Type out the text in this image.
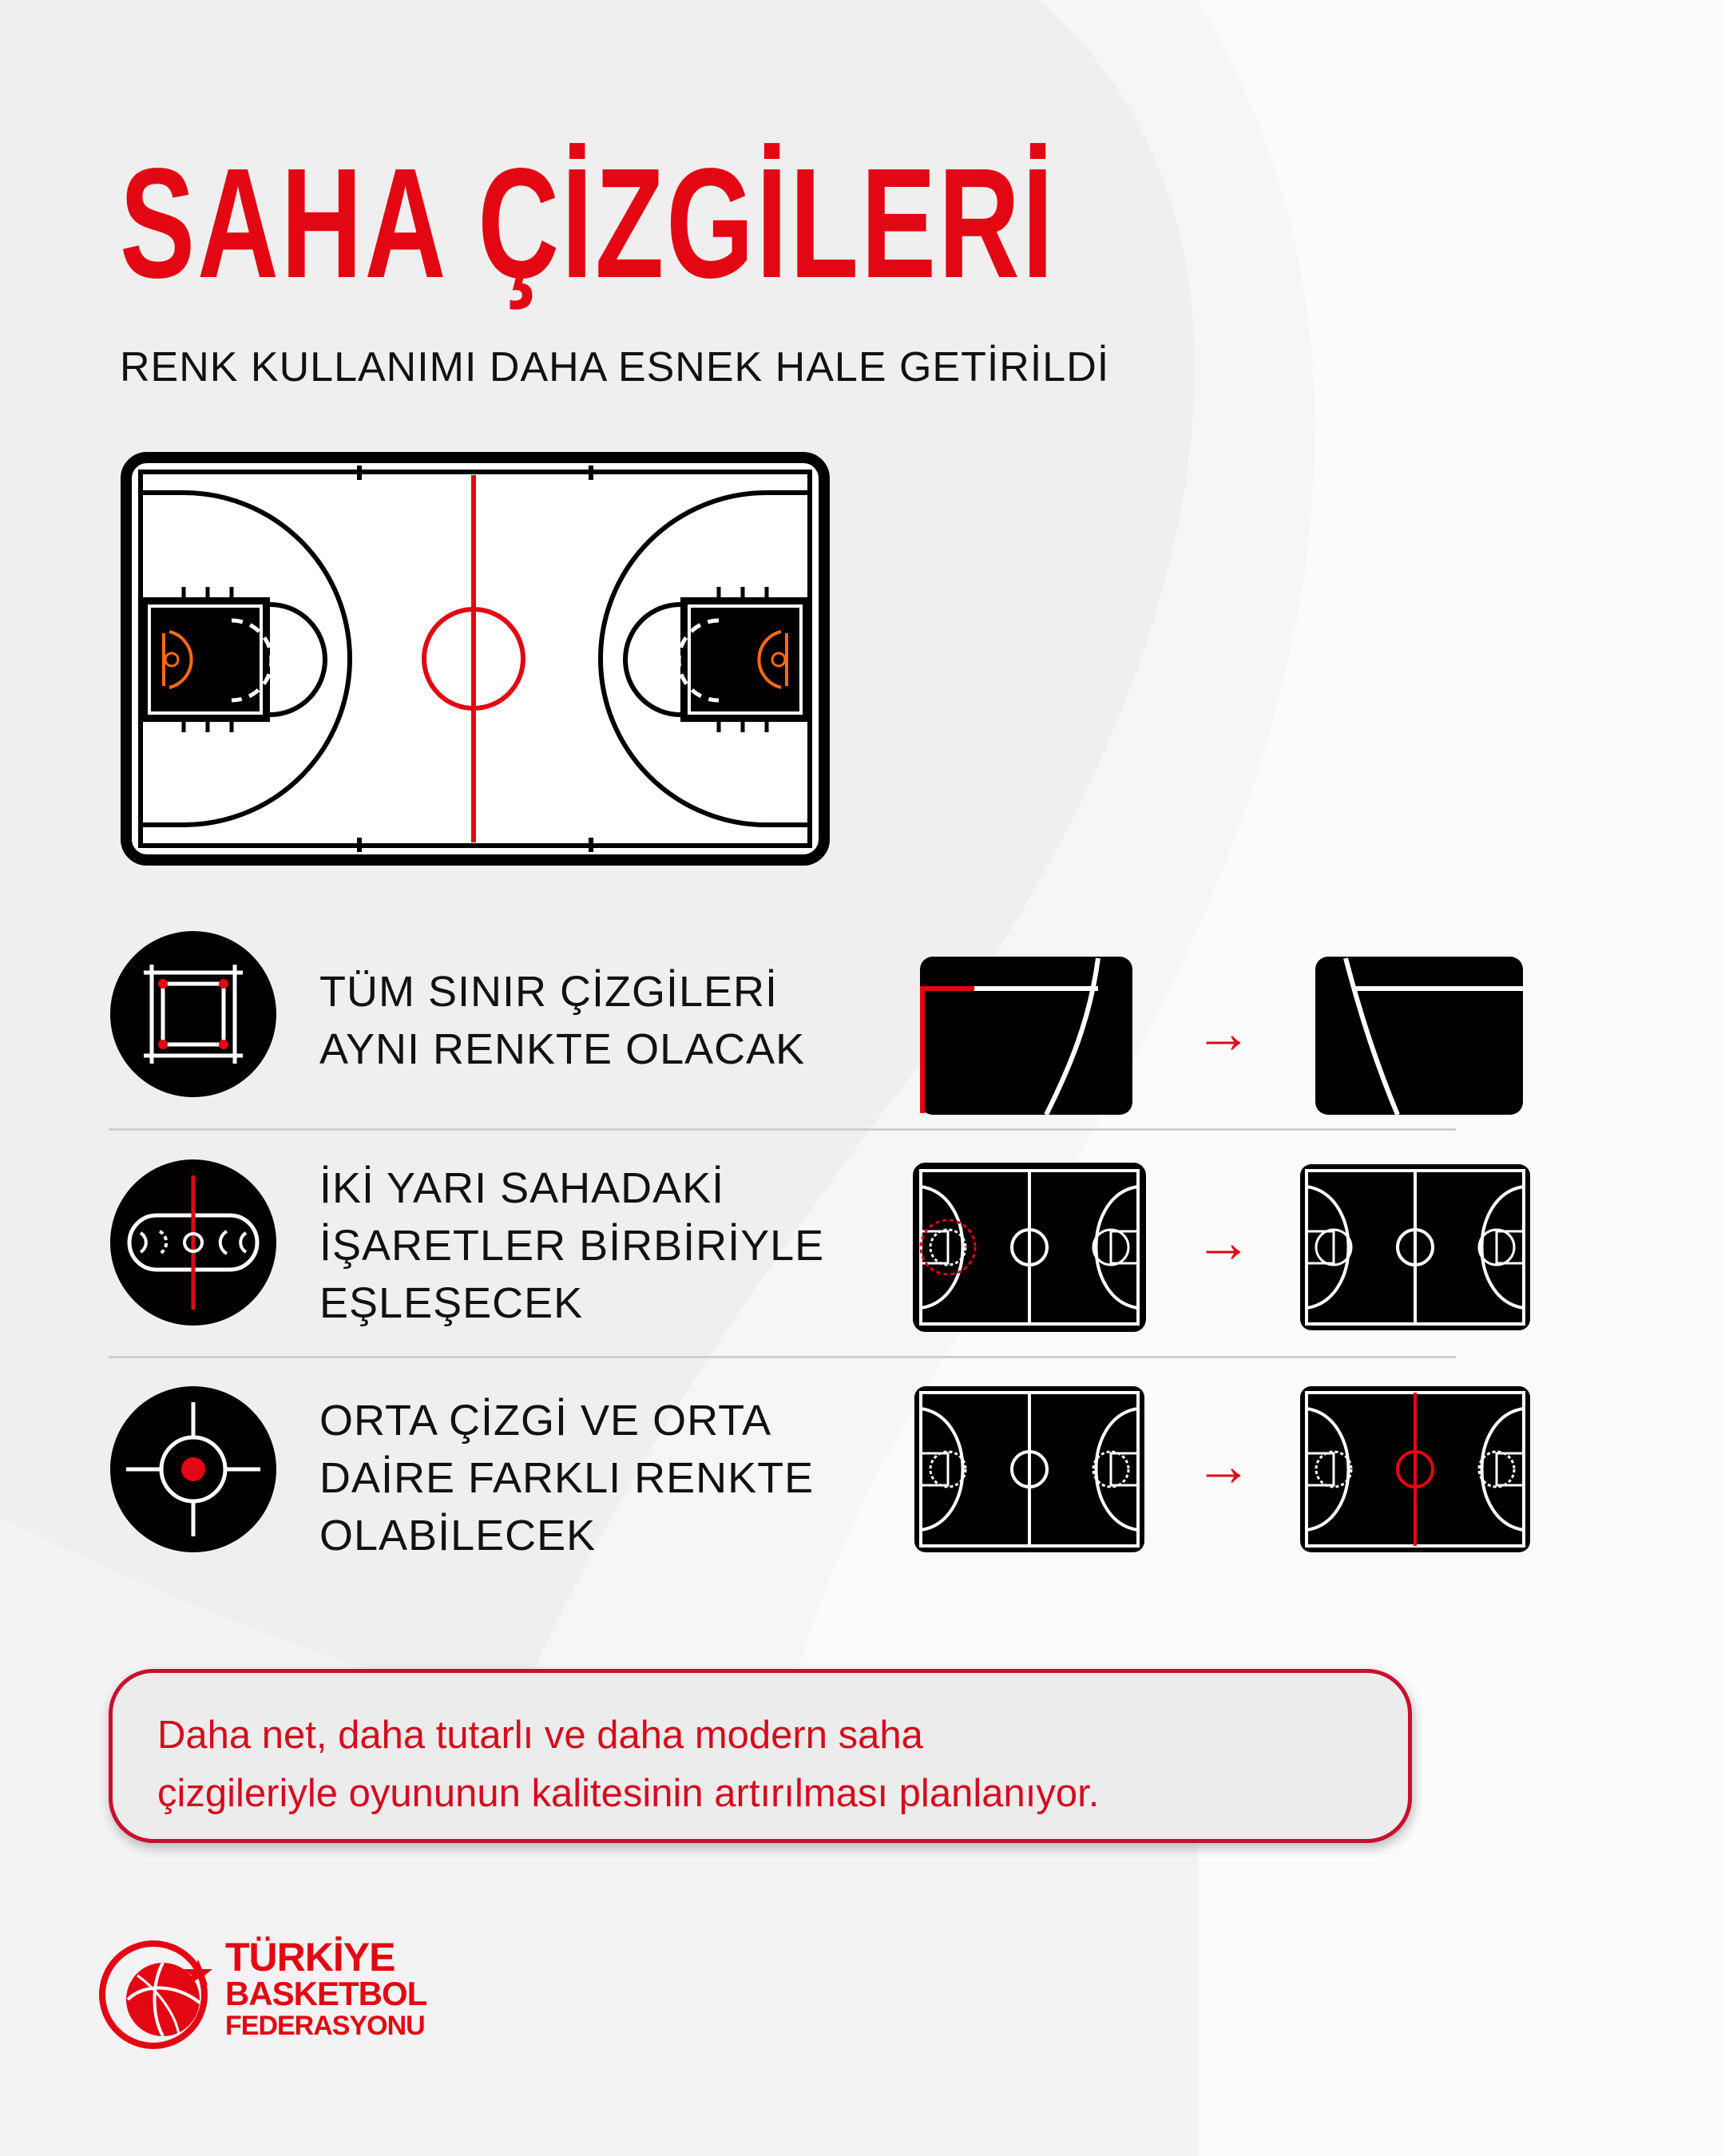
SAHA ÇİZGİLERİ
RENK KULLANIMI DAHA ESNEK HALE GETİRİLDİ
TÜM SINIR ÇİZGİLERİ
AYNI RENKTE OLACAK	→
İKİ YARI SAHADAKİ
İŞARETLER BİRBİRİYLE
EŞLEŞECEK
→
ORTA ÇİZGİ VE ORTA
DAİRE FARKLI RENKTE
OLABİLECEK
→
Daha net, daha tutarlı ve daha modern saha
çizgileriyle oyununun kalitesinin artırılması planlanıyor.
TÜRKİYE
BASKETBOL
FEDERASYONU
